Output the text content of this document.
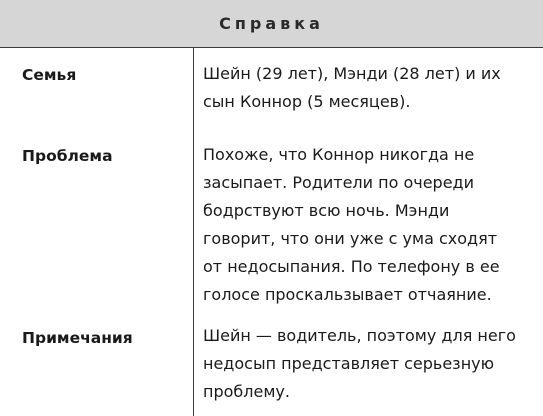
Справка
Семья	Шейн (29 лет), Мэнди (28 лет) и их
сын Коннор (5 месяцев).
Проблема	Похоже, что Коннор никогда не
засыпает. Родители по очереди
бодрствуют всю ночь. Мэнди
говорит, что они уже с ума сходят
от недосыпания. По телефону в ее
голосе проскальзывает отчаяние.
Примечания	Шейн — водитель, поэтому для него
недосып представляет серьезную
проблему.
